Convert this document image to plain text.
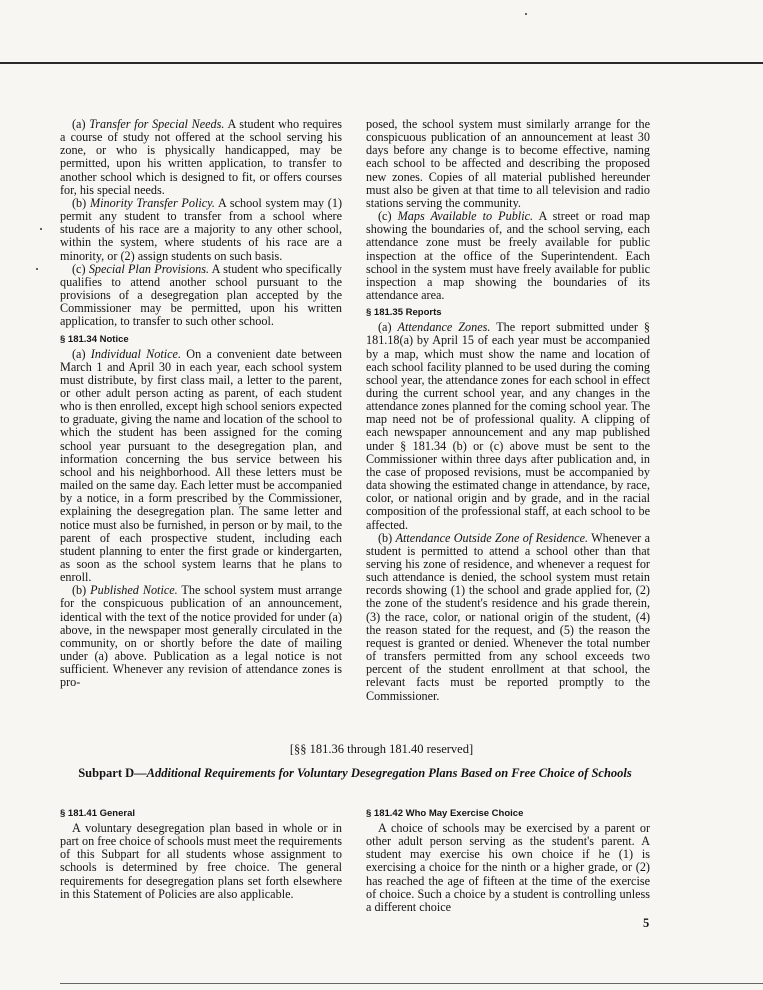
(a) Transfer for Special Needs. A student who requires a course of study not offered at the school serving his zone, or who is physically handicapped, may be permitted, upon his written application, to transfer to another school which is designed to fit, or offers courses for, his special needs.

(b) Minority Transfer Policy. A school system may (1) permit any student to transfer from a school where students of his race are a majority to any other school, within the system, where students of his race are a minority, or (2) assign students on such basis.

(c) Special Plan Provisions. A student who specifically qualifies to attend another school pursuant to the provisions of a desegregation plan accepted by the Commissioner may be permitted, upon his written application, to transfer to such other school.

§ 181.34 Notice

(a) Individual Notice. On a convenient date between March 1 and April 30 in each year, each school system must distribute, by first class mail, a letter to the parent, or other adult person acting as parent, of each student who is then enrolled, except high school seniors expected to graduate, giving the name and location of the school to which the student has been assigned for the coming school year pursuant to the desegregation plan, and information concerning the bus service between his school and his neighborhood. All these letters must be mailed on the same day. Each letter must be accompanied by a notice, in a form prescribed by the Commissioner, explaining the desegregation plan. The same letter and notice must also be furnished, in person or by mail, to the parent of each prospective student, including each student planning to enter the first grade or kindergarten, as soon as the school system learns that he plans to enroll.

(b) Published Notice. The school system must arrange for the conspicuous publication of an announcement, identical with the text of the notice provided for under (a) above, in the newspaper most generally circulated in the community, on or shortly before the date of mailing under (a) above. Publication as a legal notice is not sufficient. Whenever any revision of attendance zones is pro-

posed, the school system must similarly arrange for the conspicuous publication of an announcement at least 30 days before any change is to become effective, naming each school to be affected and describing the proposed new zones. Copies of all material published hereunder must also be given at that time to all television and radio stations serving the community.

(c) Maps Available to Public. A street or road map showing the boundaries of, and the school serving, each attendance zone must be freely available for public inspection at the office of the Superintendent. Each school in the system must have freely available for public inspection a map showing the boundaries of its attendance area.

§ 181.35 Reports

(a) Attendance Zones. The report submitted under § 181.18(a) by April 15 of each year must be accompanied by a map, which must show the name and location of each school facility planned to be used during the coming school year, the attendance zones for each school in effect during the current school year, and any changes in the attendance zones planned for the coming school year. The map need not be of professional quality. A clipping of each newspaper announcement and any map published under § 181.34 (b) or (c) above must be sent to the Commissioner within three days after publication and, in the case of proposed revisions, must be accompanied by data showing the estimated change in attendance, by race, color, or national origin and by grade, and in the racial composition of the professional staff, at each school to be affected.

(b) Attendance Outside Zone of Residence. Whenever a student is permitted to attend a school other than that serving his zone of residence, and whenever a request for such attendance is denied, the school system must retain records showing (1) the school and grade applied for, (2) the zone of the student's residence and his grade therein, (3) the race, color, or national origin of the student, (4) the reason stated for the request, and (5) the reason the request is granted or denied. Whenever the total number of transfers permitted from any school exceeds two percent of the student enrollment at that school, the relevant facts must be reported promptly to the Commissioner.

[§§ 181.36 through 181.40 reserved]
Subpart D—Additional Requirements for Voluntary Desegregation Plans Based on Free Choice of Schools
§ 181.41 General

A voluntary desegregation plan based in whole or in part on free choice of schools must meet the requirements of this Subpart for all students whose assignment to schools is determined by free choice. The general requirements for desegregation plans set forth elsewhere in this Statement of Policies are also applicable.

§ 181.42 Who May Exercise Choice

A choice of schools may be exercised by a parent or other adult person serving as the student's parent. A student may exercise his own choice if he (1) is exercising a choice for the ninth or a higher grade, or (2) has reached the age of fifteen at the time of the exercise of choice. Such a choice by a student is controlling unless a different choice

5
